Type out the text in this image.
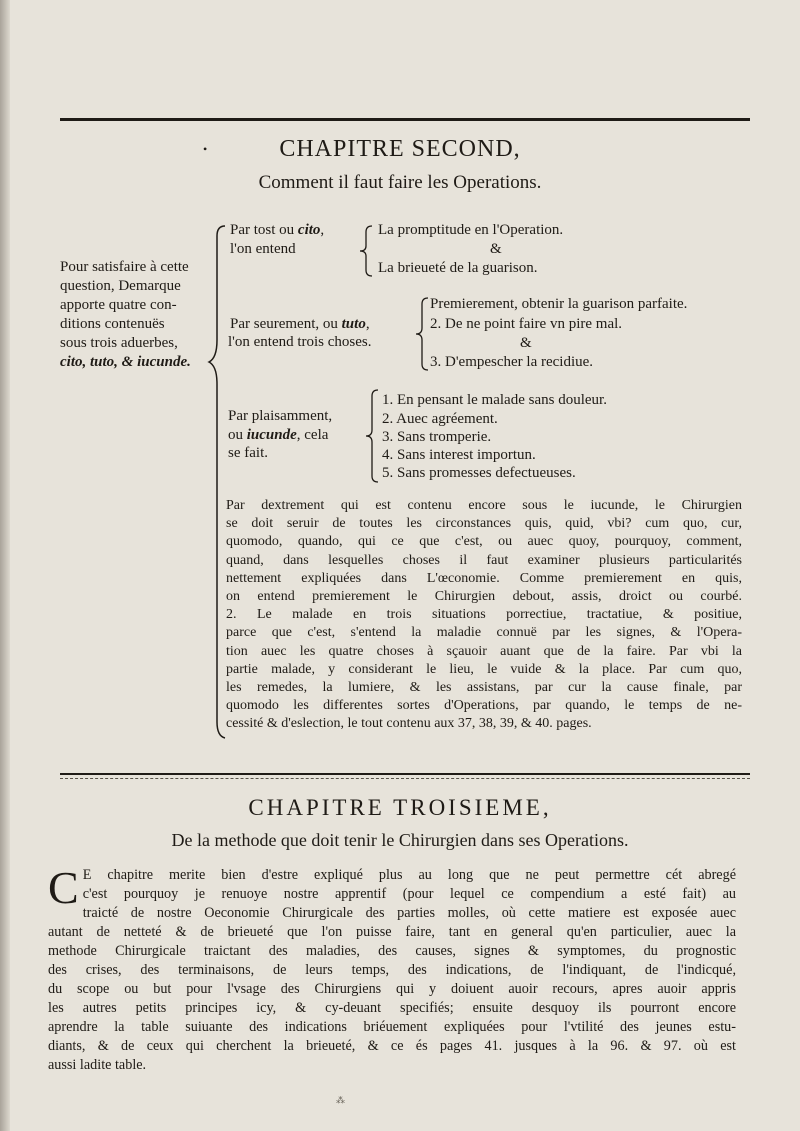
•	CHAPITRE SECOND,
Comment il faut faire les Operations.
Pour satisfaire à cette
question, Demarque
apporte quatre con-
ditions contenuës
sous trois aduerbes,
cito, tuto, & iucunde.
Par tost ou cito,
l'on entend
La promptitude en l'Operation.
&
La brieueté de la guarison.
Par seurement, ou tuto,
l'on entend trois choses.
Premierement, obtenir la guarison parfaite.
2. De ne point faire vn pire mal.
&
3. D'empescher la recidiue.
Par plaisamment,
ou iucunde, cela
se fait.
1. En pensant le malade sans douleur.
2. Auec agréement.
3. Sans tromperie.
4. Sans interest importun.
5. Sans promesses defectueuses.
Par dextrement qui est contenu encore sous le iucunde, le Chirurgien
se doit seruir de toutes les circonstances quis, quid, vbi? cum quo, cur,
quomodo, quando, qui ce que c'est, ou auec quoy, pourquoy, comment,
quand, dans lesquelles choses il faut examiner plusieurs particularités
nettement expliquées dans L'œconomie. Comme premierement en quis,
on entend premierement le Chirurgien debout, assis, droict ou courbé.
2. Le malade en trois situations porrectiue, tractatiue, & positiue,
parce que c'est, s'entend la maladie connuë par les signes, & l'Opera-
tion auec les quatre choses à sçauoir auant que de la faire. Par vbi la
partie malade, y considerant le lieu, le vuide & la place. Par cum quo,
les remedes, la lumiere, & les assistans, par cur la cause finale, par
quomodo les differentes sortes d'Operations, par quando, le temps de ne-
cessité & d'eslection, le tout contenu aux 37, 38, 39, & 40. pages.
CHAPITRE TROISIEME,
De la methode que doit tenir le Chirurgien dans ses Operations.
C E chapitre merite bien d'estre expliqué plus au long que ne peut permettre cét abregé
c'est pourquoy je renuoye nostre apprentif (pour lequel ce compendium a esté fait) au
traicté de nostre Oeconomie Chirurgicale des parties molles, où cette matiere est exposée auec
autant de netteté & de brieueté que l'on puisse faire, tant en general qu'en particulier, auec la
methode Chirurgicale traictant des maladies, des causes, signes & symptomes, du prognostic
des crises, des terminaisons, de leurs temps, des indications, de l'indiquant, de l'indicqué,
du scope ou but pour l'vsage des Chirurgiens qui y doiuent auoir recours, apres auoir appris
les autres petits principes icy, & cy-deuant specifiés; ensuite desquoy ils pourront encore
aprendre la table suiuante des indications briéuement expliquées pour l'vtilité des jeunes estu-
diants, & de ceux qui cherchent la brieueté, & ce és pages 41. jusques à la 96. & 97. où est
aussi ladite table.
⁂
